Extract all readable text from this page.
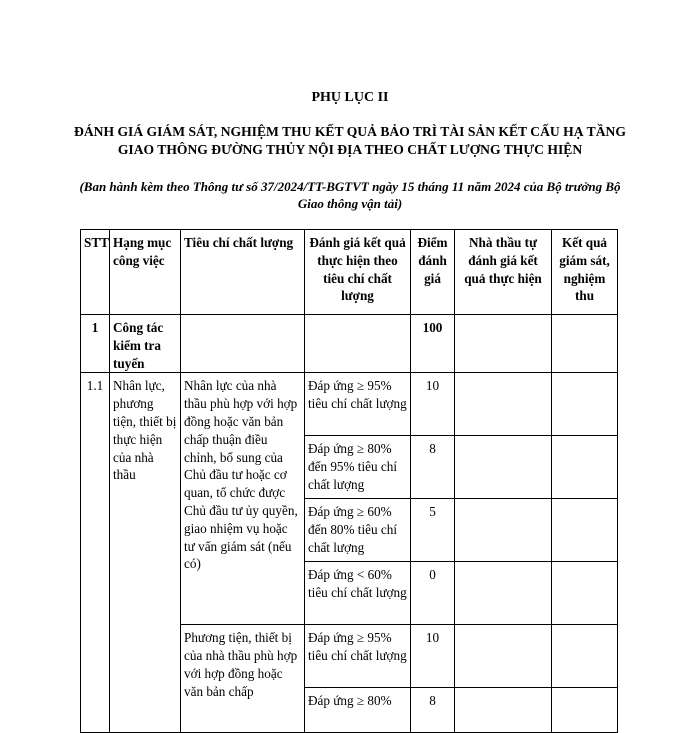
PHỤ LỤC II
ĐÁNH GIÁ GIÁM SÁT, NGHIỆM THU KẾT QUẢ BẢO TRÌ TÀI SẢN KẾT CẤU HẠ TẦNG GIAO THÔNG ĐƯỜNG THỦY NỘI ĐỊA THEO CHẤT LƯỢNG THỰC HIỆN
(Ban hành kèm theo Thông tư số 37/2024/TT-BGTVT ngày 15 tháng 11 năm 2024 của Bộ trưởng Bộ Giao thông vận tải)
STT	Hạng mục công việc	Tiêu chí chất lượng	Đánh giá kết quả thực hiện theo tiêu chí chất lượng	Điểm đánh giá	Nhà thầu tự đánh giá kết quả thực hiện	Kết quả giám sát, nghiệm thu
1	Công tác kiểm tra tuyến			100		
1.1	Nhân lực, phương tiện, thiết bị thực hiện của nhà thầu	Nhân lực của nhà thầu phù hợp với hợp đồng hoặc văn bản chấp thuận điều chỉnh, bổ sung của Chủ đầu tư hoặc cơ quan, tổ chức được Chủ đầu tư ủy quyền, giao nhiệm vụ hoặc tư vấn giám sát (nếu có)	Đáp ứng ≥ 95% tiêu chí chất lượng	10		
			Đáp ứng ≥ 80% đến 95% tiêu chí chất lượng	8		
			Đáp ứng ≥ 60% đến 80% tiêu chí chất lượng	5		
			Đáp ứng < 60% tiêu chí chất lượng	0		
		Phương tiện, thiết bị của nhà thầu phù hợp với hợp đồng hoặc văn bản chấp	Đáp ứng ≥ 95% tiêu chí chất lượng	10		
			Đáp ứng ≥ 80%	8		
